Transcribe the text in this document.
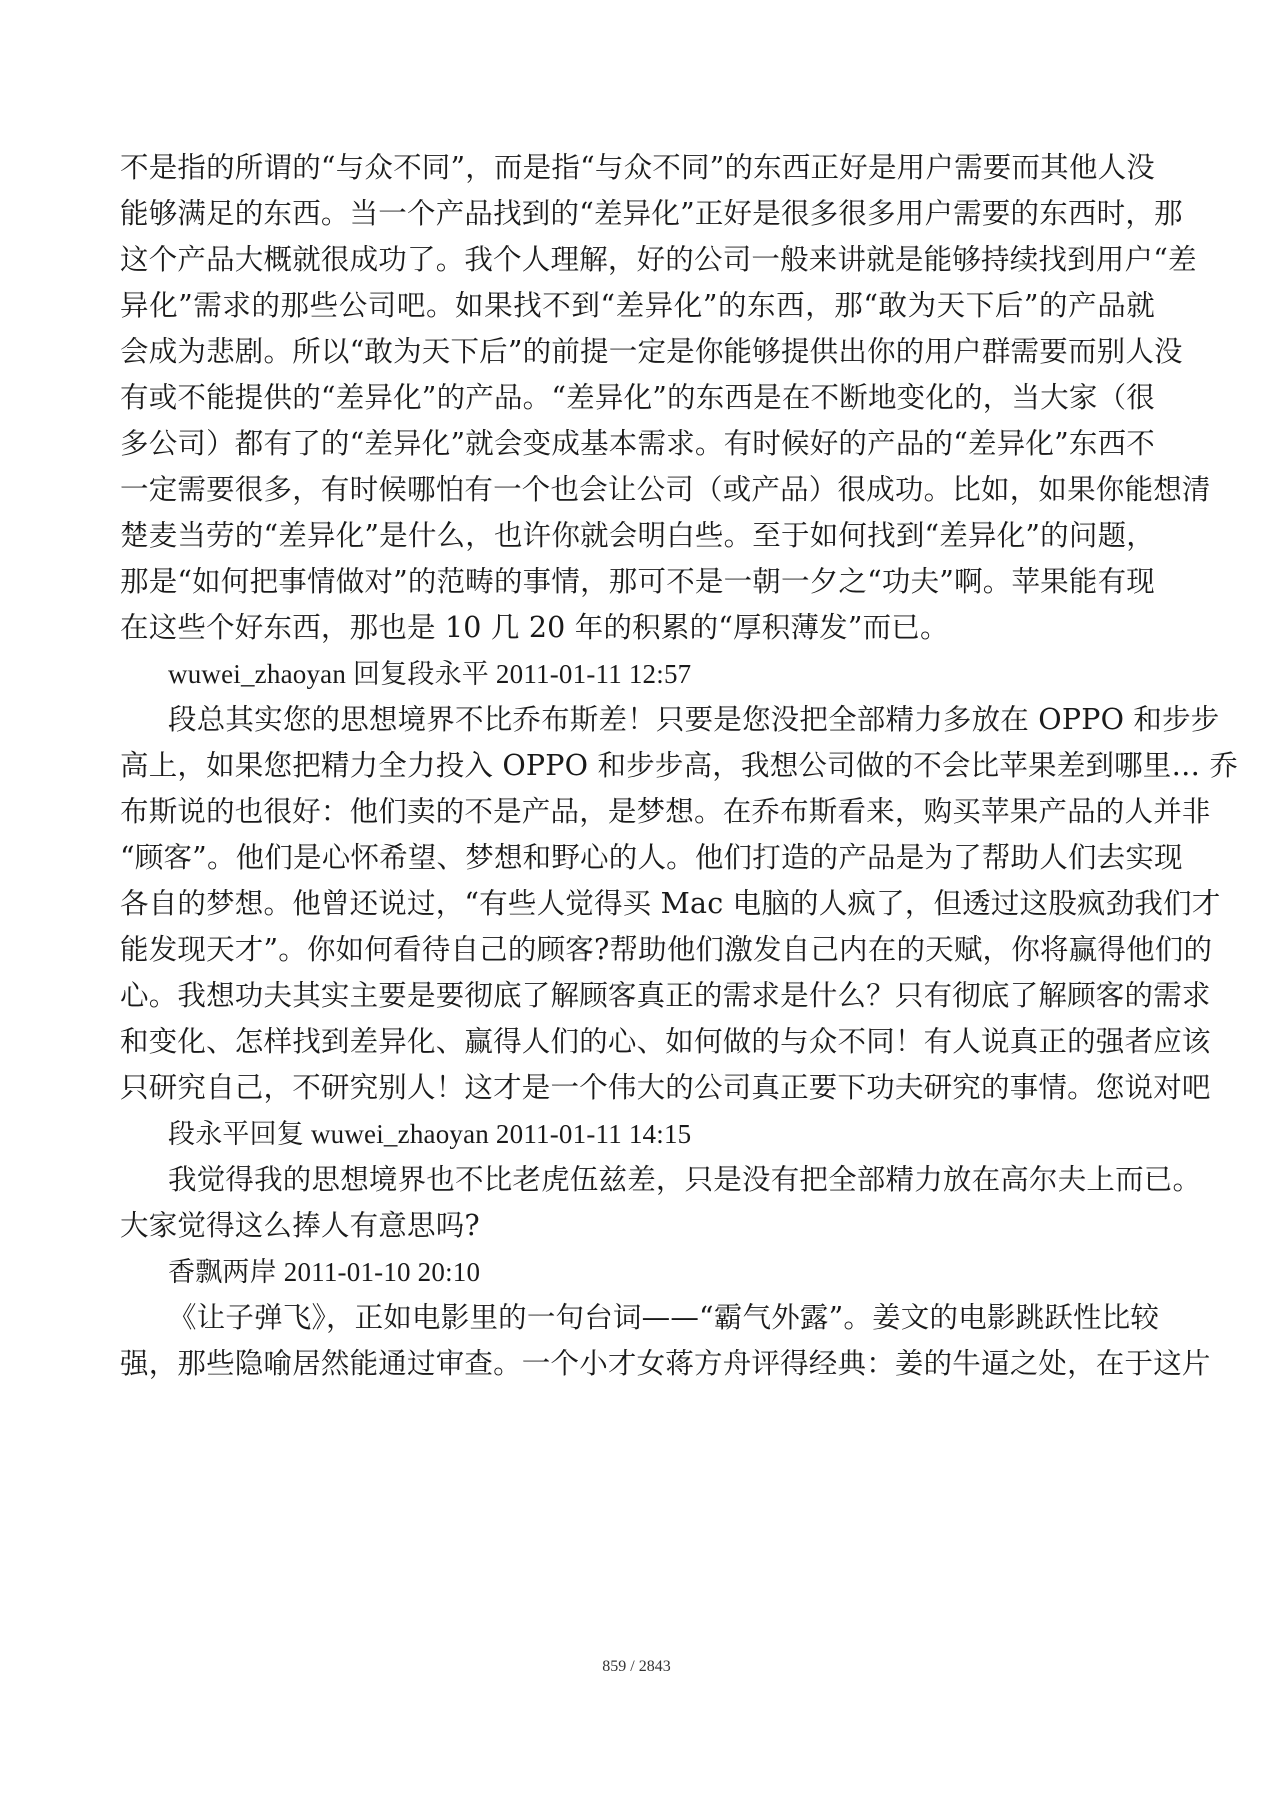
不是指的所谓的“与众不同”，而是指“与众不同”的东西正好是用户需要而其他人没
能够满足的东西。当一个产品找到的“差异化”正好是很多很多用户需要的东西时，那
这个产品大概就很成功了。我个人理解，好的公司一般来讲就是能够持续找到用户“差
异化”需求的那些公司吧。如果找不到“差异化”的东西，那“敢为天下后”的产品就
会成为悲剧。所以“敢为天下后”的前提一定是你能够提供出你的用户群需要而别人没
有或不能提供的“差异化”的产品。“差异化”的东西是在不断地变化的，当大家（很
多公司）都有了的“差异化”就会变成基本需求。有时候好的产品的“差异化”东西不
一定需要很多，有时候哪怕有一个也会让公司（或产品）很成功。比如，如果你能想清
楚麦当劳的“差异化”是什么，也许你就会明白些。至于如何找到“差异化”的问题，
那是“如何把事情做对”的范畴的事情，那可不是一朝一夕之“功夫”啊。苹果能有现
在这些个好东西，那也是 10 几 20 年的积累的“厚积薄发”而已。
wuwei_zhaoyan 回复段永平 2011-01-11 12:57
段总其实您的思想境界不比乔布斯差！只要是您没把全部精力多放在 OPPO 和步步
高上，如果您把精力全力投入 OPPO 和步步高，我想公司做的不会比苹果差到哪里… 乔
布斯说的也很好：他们卖的不是产品，是梦想。在乔布斯看来，购买苹果产品的人并非
“顾客”。他们是心怀希望、梦想和野心的人。他们打造的产品是为了帮助人们去实现
各自的梦想。他曾还说过，“有些人觉得买 Mac 电脑的人疯了，但透过这股疯劲我们才
能发现天才”。你如何看待自己的顾客?帮助他们激发自己内在的天赋，你将赢得他们的
心。我想功夫其实主要是要彻底了解顾客真正的需求是什么？只有彻底了解顾客的需求
和变化、怎样找到差异化、赢得人们的心、如何做的与众不同！有人说真正的强者应该
只研究自己，不研究别人！这才是一个伟大的公司真正要下功夫研究的事情。您说对吧
段永平回复 wuwei_zhaoyan 2011-01-11 14:15
我觉得我的思想境界也不比老虎伍兹差，只是没有把全部精力放在高尔夫上而已。
大家觉得这么捧人有意思吗?
香飘两岸 2011-01-10 20:10
《让子弹飞》，正如电影里的一句台词——“霸气外露”。姜文的电影跳跃性比较
强，那些隐喻居然能通过审查。一个小才女蒋方舟评得经典：姜的牛逼之处，在于这片
859 / 2843
